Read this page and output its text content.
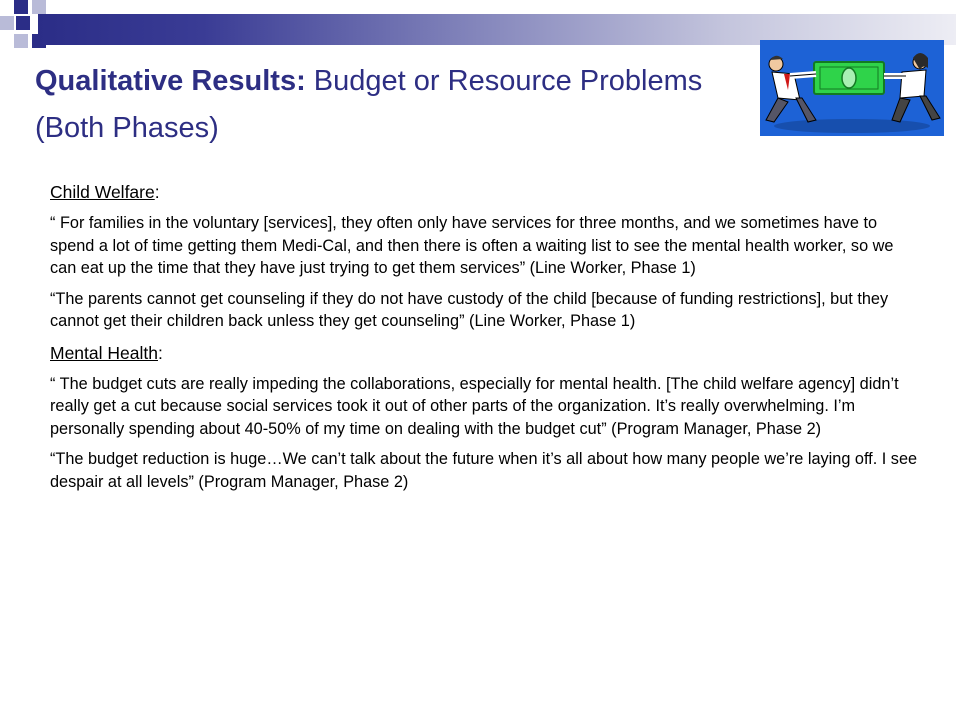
Qualitative Results: Budget or Resource Problems (Both Phases)

Child Welfare:

“ For families in the voluntary [services], they often only have services for three months, and we sometimes have to spend a lot of time getting them Medi-Cal, and then there is often a waiting list to see the mental health worker, so we can eat up the time that they have just trying to get them services” (Line Worker, Phase 1)

“The parents cannot get counseling if they do not have custody of the child [because of funding restrictions], but they cannot get their children back unless they get counseling” (Line Worker, Phase 1)

Mental Health:

“ The budget cuts are really impeding the collaborations, especially for mental health. [The child welfare agency] didn’t really get a cut because social services took it out of other parts of the organization. It’s really overwhelming. I’m personally spending about 40-50% of my time on dealing with the budget cut” (Program Manager, Phase 2)

“The budget reduction is huge…We can’t talk about the future when it’s all about how many people we’re laying off. I see despair at all levels” (Program Manager, Phase 2)
